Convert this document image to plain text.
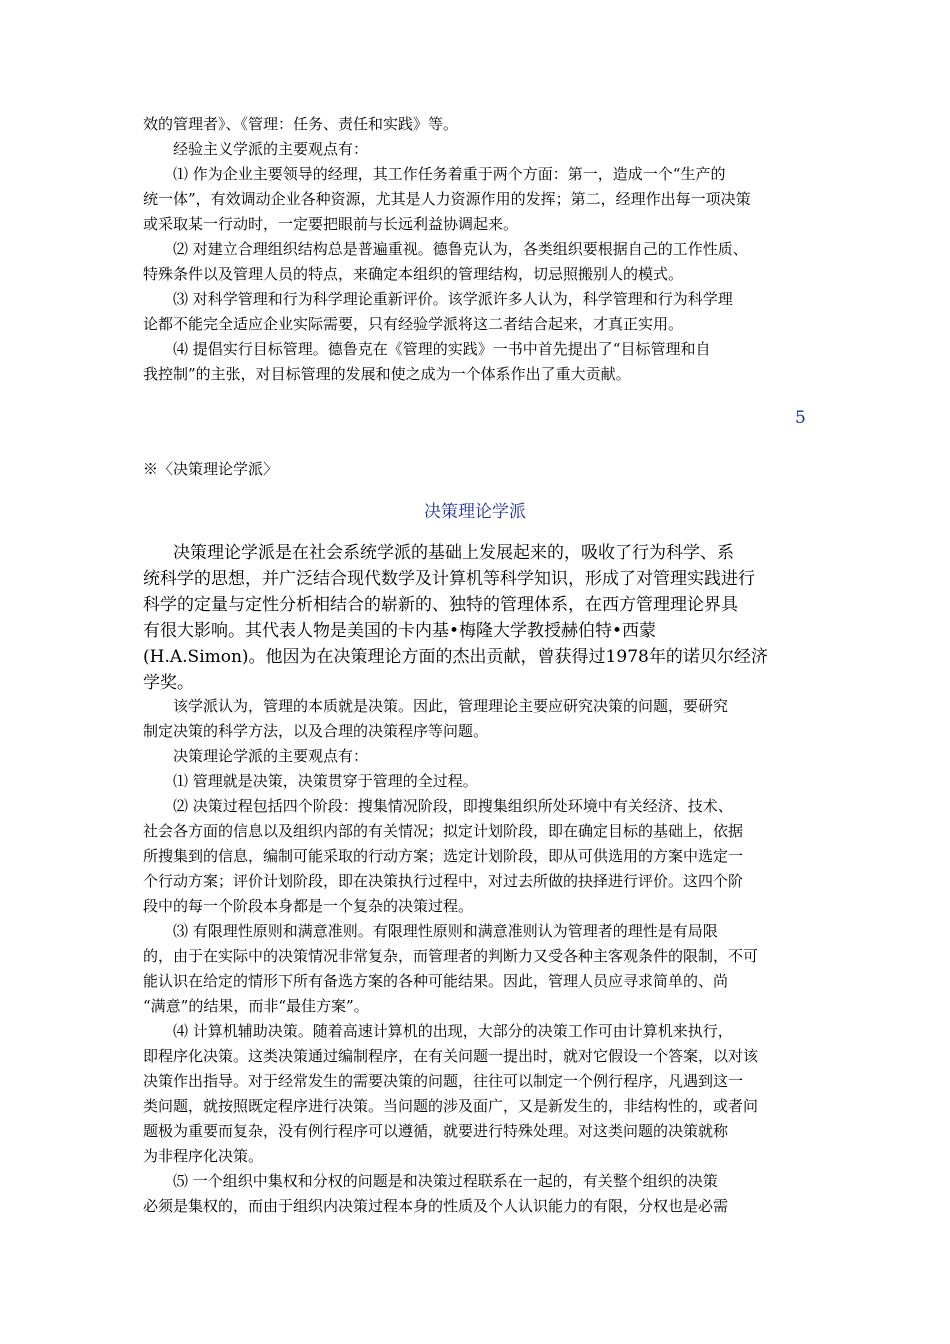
效的管理者》、《管理：任务、责任和实践》等。
经验主义学派的主要观点有：
⑴ 作为企业主要领导的经理，其工作任务着重于两个方面：第一，造成一个“生产的
统一体”，有效调动企业各种资源，尤其是人力资源作用的发挥；第二，经理作出每一项决策
或采取某一行动时，一定要把眼前与长远利益协调起来。
⑵ 对建立合理组织结构总是普遍重视。德鲁克认为，各类组织要根据自己的工作性质、
特殊条件以及管理人员的特点，来确定本组织的管理结构，切忌照搬别人的模式。
⑶ 对科学管理和行为科学理论重新评价。该学派许多人认为，科学管理和行为科学理
论都不能完全适应企业实际需要，只有经验学派将这二者结合起来，才真正实用。
⑷ 提倡实行目标管理。德鲁克在《管理的实践》一书中首先提出了“目标管理和自
我控制”的主张，对目标管理的发展和使之成为一个体系作出了重大贡献。
5
※〈决策理论学派〉
决策理论学派
决策理论学派是在社会系统学派的基础上发展起来的，吸收了行为科学、系
统科学的思想，并广泛结合现代数学及计算机等科学知识，形成了对管理实践进行
科学的定量与定性分析相结合的崭新的、独特的管理体系，在西方管理理论界具
有很大影响。其代表人物是美国的卡内基•梅隆大学教授赫伯特•西蒙
(H.A.Simon)。他因为在决策理论方面的杰出贡献，曾获得过1978年的诺贝尔经济
学奖。
该学派认为，管理的本质就是决策。因此，管理理论主要应研究决策的问题，要研究
制定决策的科学方法，以及合理的决策程序等问题。
决策理论学派的主要观点有：
⑴ 管理就是决策，决策贯穿于管理的全过程。
⑵ 决策过程包括四个阶段：搜集情况阶段，即搜集组织所处环境中有关经济、技术、
社会各方面的信息以及组织内部的有关情况；拟定计划阶段，即在确定目标的基础上，依据
所搜集到的信息，编制可能采取的行动方案；选定计划阶段，即从可供选用的方案中选定一
个行动方案；评价计划阶段，即在决策执行过程中，对过去所做的抉择进行评价。这四个阶
段中的每一个阶段本身都是一个复杂的决策过程。
⑶ 有限理性原则和满意准则。有限理性原则和满意准则认为管理者的理性是有局限
的，由于在实际中的决策情况非常复杂，而管理者的判断力又受各种主客观条件的限制，不可
能认识在给定的情形下所有备选方案的各种可能结果。因此，管理人员应寻求简单的、尚
“满意”的结果，而非“最佳方案”。
⑷ 计算机辅助决策。随着高速计算机的出现，大部分的决策工作可由计算机来执行，
即程序化决策。这类决策通过编制程序，在有关问题一提出时，就对它假设一个答案，以对该
决策作出指导。对于经常发生的需要决策的问题，往往可以制定一个例行程序，凡遇到这一
类问题，就按照既定程序进行决策。当问题的涉及面广，又是新发生的，非结构性的，或者问
题极为重要而复杂，没有例行程序可以遵循，就要进行特殊处理。对这类问题的决策就称
为非程序化决策。
⑸ 一个组织中集权和分权的问题是和决策过程联系在一起的，有关整个组织的决策
必须是集权的，而由于组织内决策过程本身的性质及个人认识能力的有限，分权也是必需
